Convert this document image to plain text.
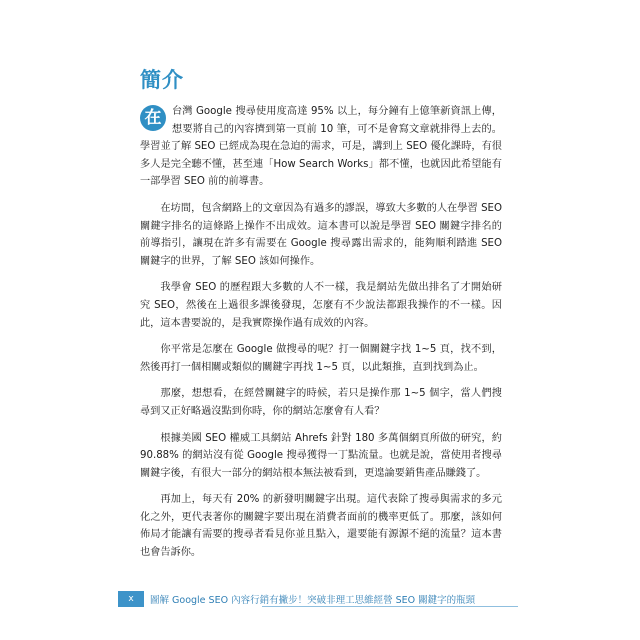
簡介

在	台灣 Google 搜尋使用度高達 95% 以上，每分鐘有上億筆新資訊上傳，想要將自己的內容擠到第一頁前 10 筆，可不是會寫文章就排得上去的。學習並了解 SEO 已經成為現在急迫的需求，可是，講到上 SEO 優化課時，有很多人是完全聽不懂，甚至連「How Search Works」都不懂，也就因此希望能有一部學習 SEO 前的前導書。

在坊間，包含網路上的文章因為有過多的謬誤，導致大多數的人在學習 SEO 關鍵字排名的這條路上操作不出成效。這本書可以說是學習 SEO 關鍵字排名的前導指引，讓現在許多有需要在 Google 搜尋露出需求的，能夠順利踏進 SEO 關鍵字的世界，了解 SEO 該如何操作。

我學會 SEO 的歷程跟大多數的人不一樣，我是網站先做出排名了才開始研究 SEO，然後在上過很多課後發現，怎麼有不少說法都跟我操作的不一樣。因此，這本書要說的，是我實際操作過有成效的內容。

你平常是怎麼在 Google 做搜尋的呢？打一個關鍵字找 1~5 頁，找不到，然後再打一個相關或類似的關鍵字再找 1~5 頁，以此類推，直到找到為止。

那麼，想想看，在經營關鍵字的時候，若只是操作那 1~5 個字，當人們搜尋到又正好略過沒點到你時，你的網站怎麼會有人看？

根據美國 SEO 權威工具網站 Ahrefs 針對 180 多萬個網頁所做的研究，約 90.88% 的網站沒有從 Google 搜尋獲得一丁點流量。也就是說，當使用者搜尋關鍵字後，有很大一部分的網站根本無法被看到，更遑論要銷售產品賺錢了。

再加上，每天有 20% 的新發明關鍵字出現。這代表除了搜尋與需求的多元化之外，更代表著你的關鍵字要出現在消費者面前的機率更低了。那麼，該如何佈局才能讓有需要的搜尋者看見你並且點入，還要能有源源不絕的流量？這本書也會告訴你。

x	圖解 Google SEO 內容行銷有撇步！突破非理工思維經營 SEO 關鍵字的瓶頸
